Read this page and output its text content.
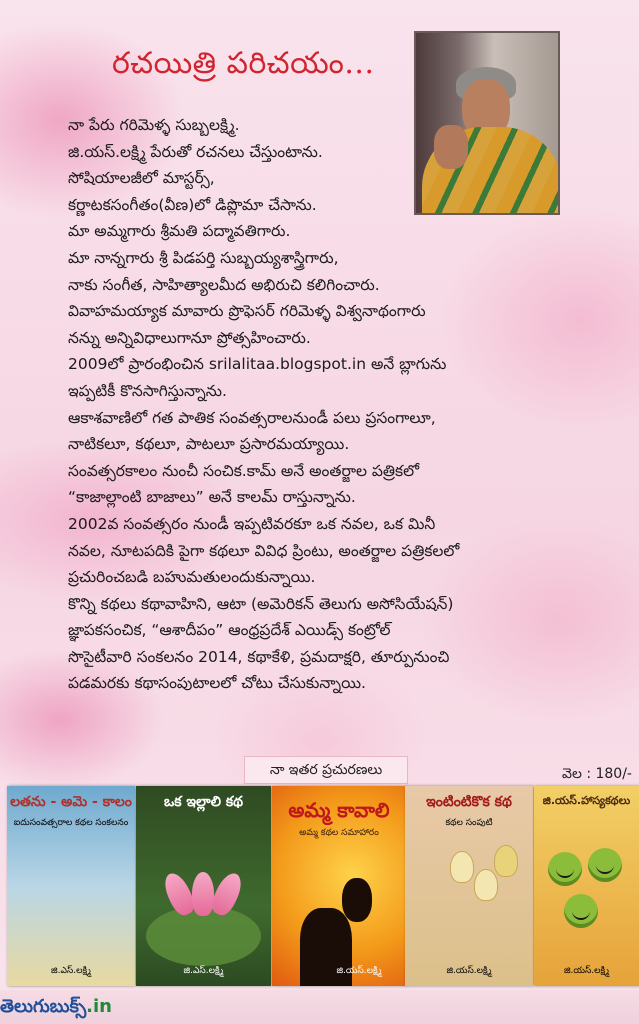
రచయిత్రి పరిచయం...
నా పేరు గరిమెళ్ళ సుబ్బలక్ష్మి.
జి.యస్.లక్ష్మి పేరుతో రచనలు చేస్తుంటాను.
సోషియాలజీలో మాస్టర్స్,
కర్ణాటకసంగీతం(వీణ)లో డిప్లొమా చేసాను.
మా అమ్మగారు శ్రీమతి పద్మావతిగారు.
మా నాన్నగారు శ్రీ పిడపర్తి సుబ్బయ్యశాస్త్రిగారు,
నాకు సంగీత, సాహిత్యాలమీద అభిరుచి కలిగించారు.
వివాహమయ్యాక మావారు ప్రొఫెసర్ గరిమెళ్ళ విశ్వనాథంగారు
నన్ను అన్నివిధాలుగానూ ప్రోత్సహించారు.
2009లో ప్రారంభించిన srilalitaa.blogspot.in అనే బ్లాగును
ఇప్పటికీ కొనసాగిస్తున్నాను.
ఆకాశవాణిలో గత పాతిక సంవత్సరాలనుండీ పలు ప్రసంగాలూ,
నాటికలూ, కథలూ, పాటలూ ప్రసారమయ్యాయి.
సంవత్సరకాలం నుంచీ సంచిక.కామ్ అనే అంతర్జాల పత్రికలో
“కాజాల్లాంటి బాజాలు” అనే కాలమ్ రాస్తున్నాను.
2002వ సంవత్సరం నుండీ ఇప్పటివరకూ ఒక నవల, ఒక మినీ
నవల, నూటపదికి పైగా కథలూ వివిధ ప్రింటు, అంతర్జాల పత్రికలలో
ప్రచురించబడి బహుమతులందుకున్నాయి.
కొన్ని కథలు కథావాహిని, ఆటా (అమెరికన్ తెలుగు అసోసియేషన్)
జ్ఞాపకసంచిక, “ఆశాదీపం” ఆంధ్రప్రదేశ్ ఎయిడ్స్ కంట్రోల్
సొసైటీవారి సంకలనం 2014, కథాకేళి, ప్రమదాక్షరి, తూర్పునుంచి
పడమరకు కథాసంపుటాలలో చోటు చేసుకున్నాయి.
నా ఇతర ప్రచురణలు	వెల : 180/-
లతను - అమె - కాలం
ఐదుసంవత్సరాల కథల సంకలనం
జి.ఎస్.లక్ష్మి
ఒక ఇల్లాలి కథ
జి.ఎస్.లక్ష్మి
అమ్మ కావాలి
అమ్మ కథల సమాహారం
జి.యస్.లక్ష్మి
ఇంటింటికొక కథ
కథల సంపుటి
జి.యస్.లక్ష్మి
జి.యస్.హాస్యకథలు
జి.యస్.లక్ష్మి
తెలుగుబుక్స్.in
